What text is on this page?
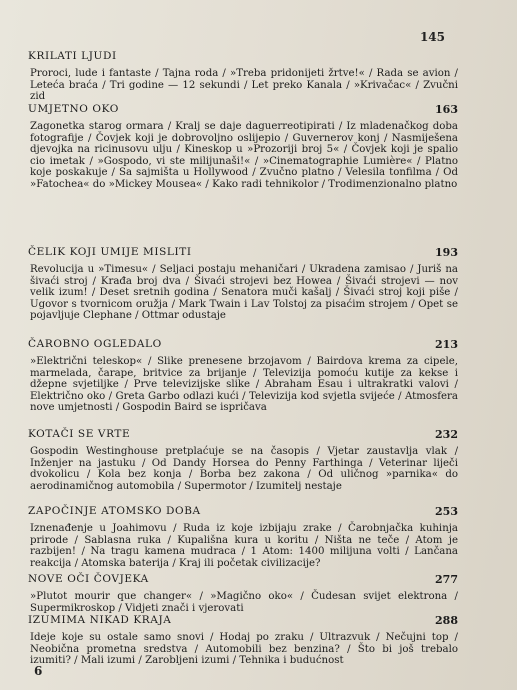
145
KRILATI LJUDI
Proroci, lude i fantaste / Tajna roda / »Treba pridonijeti žrtve!« / Rada se avion / Leteća braća / Tri godine — 12 sekundi / Let preko Kanala / »Krivačac« / Zvučni zid
UMJETNO OKO	163
Zagonetka starog ormara / Kralj se daje daguerreotipirati / Iz mladenačkog doba fotografije / Čovjek koji je dobrovoljno oslijepio / Guvernerov konj / Nasmiješena djevojka na ricinusovu ulju / Kineskop u »Prozoriji broj 5« / Čovjek koji je spalio cio imetak / »Gospodo, vi ste milijunaši!« / »Cinematographie Lumière« / Platno koje poskakuje / Sa sajmišta u Hollywood / Zvučno platno / Velesila tonfilma / Od »Fatochea« do »Mickey Mousea« / Kako radi tehnikolor / Trodimenzionalno platno
ČELIK KOJI UMIJE MISLITI	193
Revolucija u »Timesu« / Seljaci postaju mehaničari / Ukradena zamisao / Juriš na šivaći stroj / Krađa broj dva / Šivaći strojevi bez Howea / Šivaći strojevi — nov velik izum! / Deset sretnih godina / Senatora muči kašalj / Šivaći stroj koji piše / Ugovor s tvornicom oružja / Mark Twain i Lav Tolstoj za pisaćim strojem / Opet se pojavljuje Clephane / Ottmar odustaje
ČAROBNO OGLEDALO	213
»Električni teleskop« / Slike prenesene brzojavom / Bairdova krema za cipele, marmelada, čarape, britvice za brijanje / Televizija pomoću kutije za kekse i džepne svjetiljke / Prve televizijske slike / Abraham Esau i ultrakratki valovi / Električno oko / Greta Garbo odlazi kući / Televizija kod svjetla svijeće / Atmosfera nove umjetnosti / Gospodin Baird se ispričava
KOTAČI SE VRTE	232
Gospodin Westinghouse pretplaćuje se na časopis / Vjetar zaustavlja vlak / Inženjer na jastuku / Od Dandy Horsea do Penny Farthinga / Veterinar liječi dvokolicu / Kola bez konja / Borba bez zakona / Od uličnog »parnika« do aerodinamičnog automobila / Supermotor / Izumitelj nestaje
ZAPOČINJE ATOMSKO DOBA	253
Iznenađenje u Joahimovu / Ruda iz koje izbijaju zrake / Čarobnjačka kuhinja prirode / Sablasna ruka / Kupališna kura u koritu / Ništa ne teče / Atom je razbijen! / Na tragu kamena mudraca / 1 Atom: 1400 milijuna volti / Lančana reakcija / Atomska baterija / Kraj ili početak civilizacije?
NOVE OČI ČOVJEKA	277
»Plutot mourir que changer« / »Magično oko« / Čudesan svijet elektrona / Supermikroskop / Vidjeti znači i vjerovati
IZUMIMA NIKAD KRAJA	288
Ideje koje su ostale samo snovi / Hodaj po zraku / Ultrazvuk / Nečujni top / Neobična prometna sredstva / Automobili bez benzina? / Što bi još trebalo izumiti? / Mali izumi / Zarobljeni izumi / Tehnika i budućnost
6
